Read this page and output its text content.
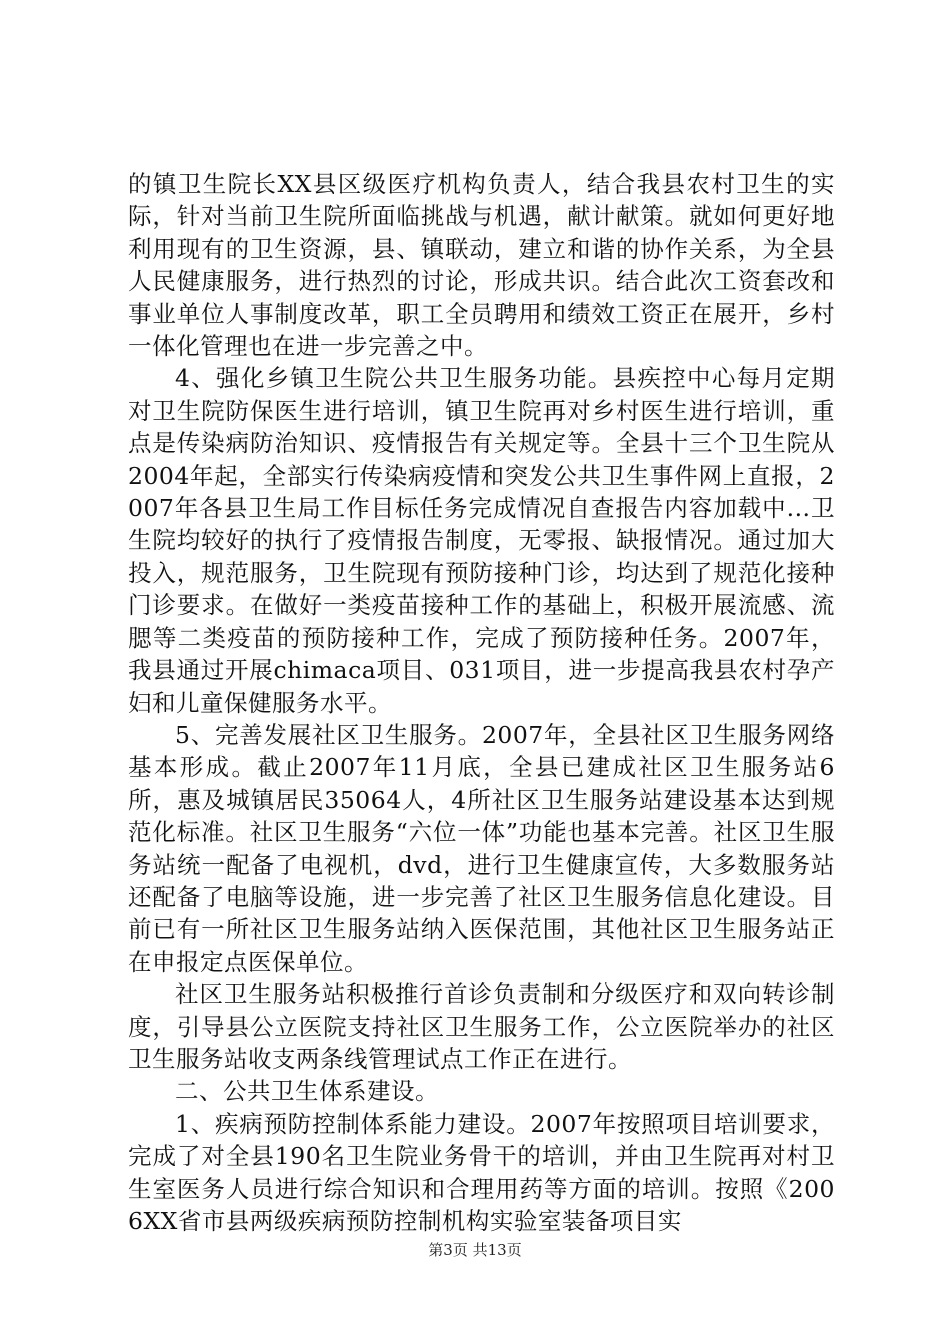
的镇卫生院长XX县区级医疗机构负责人，结合我县农村卫生的实际，针对当前卫生院所面临挑战与机遇，献计献策。就如何更好地利用现有的卫生资源，县、镇联动，建立和谐的协作关系，为全县人民健康服务，进行热烈的讨论，形成共识。结合此次工资套改和事业单位人事制度改革，职工全员聘用和绩效工资正在展开，乡村一体化管理也在进一步完善之中。

4、强化乡镇卫生院公共卫生服务功能。县疾控中心每月定期对卫生院防保医生进行培训，镇卫生院再对乡村医生进行培训，重点是传染病防治知识、疫情报告有关规定等。全县十三个卫生院从2004年起，全部实行传染病疫情和突发公共卫生事件网上直报，2007年各县卫生局工作目标任务完成情况自查报告内容加载中...卫生院均较好的执行了疫情报告制度，无零报、缺报情况。通过加大投入，规范服务，卫生院现有预防接种门诊，均达到了规范化接种门诊要求。在做好一类疫苗接种工作的基础上，积极开展流感、流腮等二类疫苗的预防接种工作，完成了预防接种任务。2007年，我县通过开展chimaca项目、031项目，进一步提高我县农村孕产妇和儿童保健服务水平。

5、完善发展社区卫生服务。2007年，全县社区卫生服务网络基本形成。截止2007年11月底，全县已建成社区卫生服务站6所，惠及城镇居民35064人，4所社区卫生服务站建设基本达到规范化标准。社区卫生服务“六位一体”功能也基本完善。社区卫生服务站统一配备了电视机，dvd，进行卫生健康宣传，大多数服务站还配备了电脑等设施，进一步完善了社区卫生服务信息化建设。目前已有一所社区卫生服务站纳入医保范围，其他社区卫生服务站正在申报定点医保单位。

社区卫生服务站积极推行首诊负责制和分级医疗和双向转诊制度，引导县公立医院支持社区卫生服务工作，公立医院举办的社区卫生服务站收支两条线管理试点工作正在进行。

二、公共卫生体系建设。

1、疾病预防控制体系能力建设。2007年按照项目培训要求，完成了对全县190名卫生院业务骨干的培训，并由卫生院再对村卫生室医务人员进行综合知识和合理用药等方面的培训。按照《2006XX省市县两级疾病预防控制机构实验室装备项目实

第3页 共13页
